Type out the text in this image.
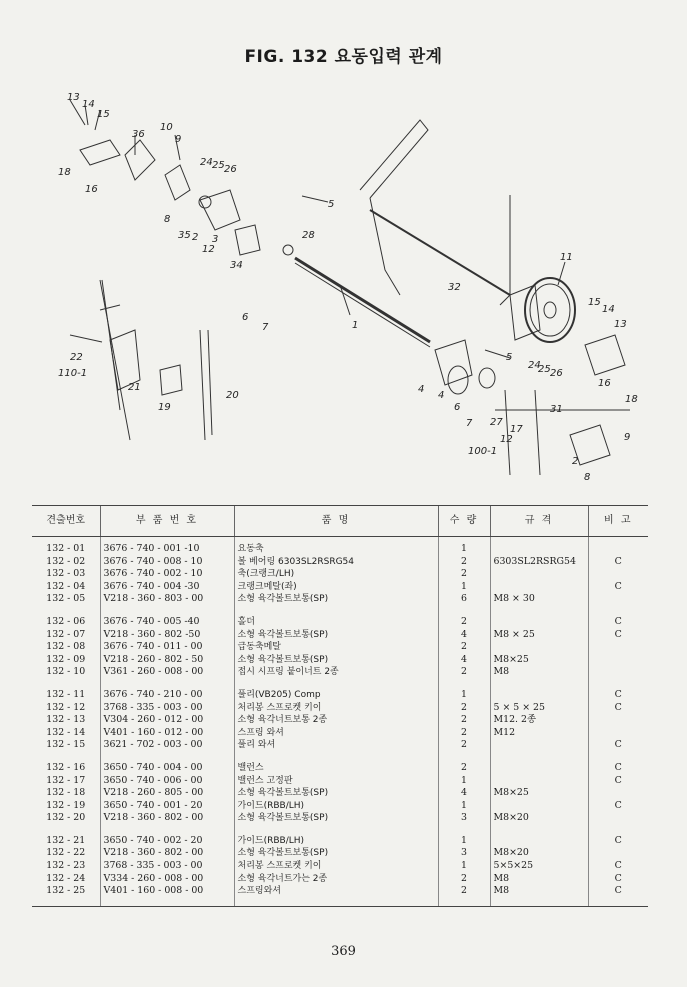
FIG. 132 요동입력 관계
13
14
15
36
10
9
18
16
24 25 26
8
35 2
12
3
5
28
34
6
7	1
11
32
22
110-1
21
19
20	4
27
31
17
100-1
15
14
13
16
18
24
25 26
5
9
8
2
6
7
4
12
견출번호	부 품 번 호	품 명	수 량	규 격	비 고
132 - 01	3676 - 740 - 001 -10	요동축	1		
132 - 02	3676 - 740 - 008 - 10	볼 베어링 6303SL2RSRG54	2	6303SL2RSRG54	C
132 - 03	3676 - 740 - 002 - 10	축(크랭크/LH)	2		
132 - 04	3676 - 740 - 004 -30	크랭크메탈(좌)	1		C
132 - 05	V218 - 360 - 803 - 00	소형 육각볼트보통(SP)	6	M8 × 30	

132 - 06	3676 - 740 - 005 -40	홀더	2		C
132 - 07	V218 - 360 - 802 -50	소형 육각볼트보통(SP)	4	M8 × 25	C
132 - 08	3676 - 740 - 011 - 00	급동축메탈	2		
132 - 09	V218 - 260 - 802 - 50	소형 육각볼트보통(SP)	4	M8×25	
132 - 10	V361 - 260 - 008 - 00	접시 시프링 붙이너트 2종	2	M8	

132 - 11	3676 - 740 - 210 - 00	풀리(VB205) Comp	1		C
132 - 12	3768 - 335 - 003 - 00	처리봉 스프로켓 키이	2	5 × 5 × 25	C
132 - 13	V304 - 260 - 012 - 00	소형 육각너트보통 2종	2	M12. 2종	
132 - 14	V401 - 160 - 012 - 00	스프링 와셔	2	M12	
132 - 15	3621 - 702 - 003 - 00	풀리 와셔	2		C

132 - 16	3650 - 740 - 004 - 00	밸런스	2		C
132 - 17	3650 - 740 - 006 - 00	밸런스 고정판	1		C
132 - 18	V218 - 260 - 805 - 00	소형 육각볼트보통(SP)	4	M8×25	
132 - 19	3650 - 740 - 001 - 20	가이드(RBB/LH)	1		C
132 - 20	V218 - 360 - 802 - 00	소형 육각볼트보통(SP)	3	M8×20	

132 - 21	3650 - 740 - 002 - 20	가이드(RBB/LH)	1		C
132 - 22	V218 - 360 - 802 - 00	소형 육각볼트보통(SP)	3	M8×20	
132 - 23	3768 - 335 - 003 - 00	처리봉 스프로켓 키이	1	5×5×25	C
132 - 24	V334 - 260 - 008 - 00	소형 육각너트가는 2종	2	M8	C
132 - 25	V401 - 160 - 008 - 00	스프링와셔	2	M8	C
369
